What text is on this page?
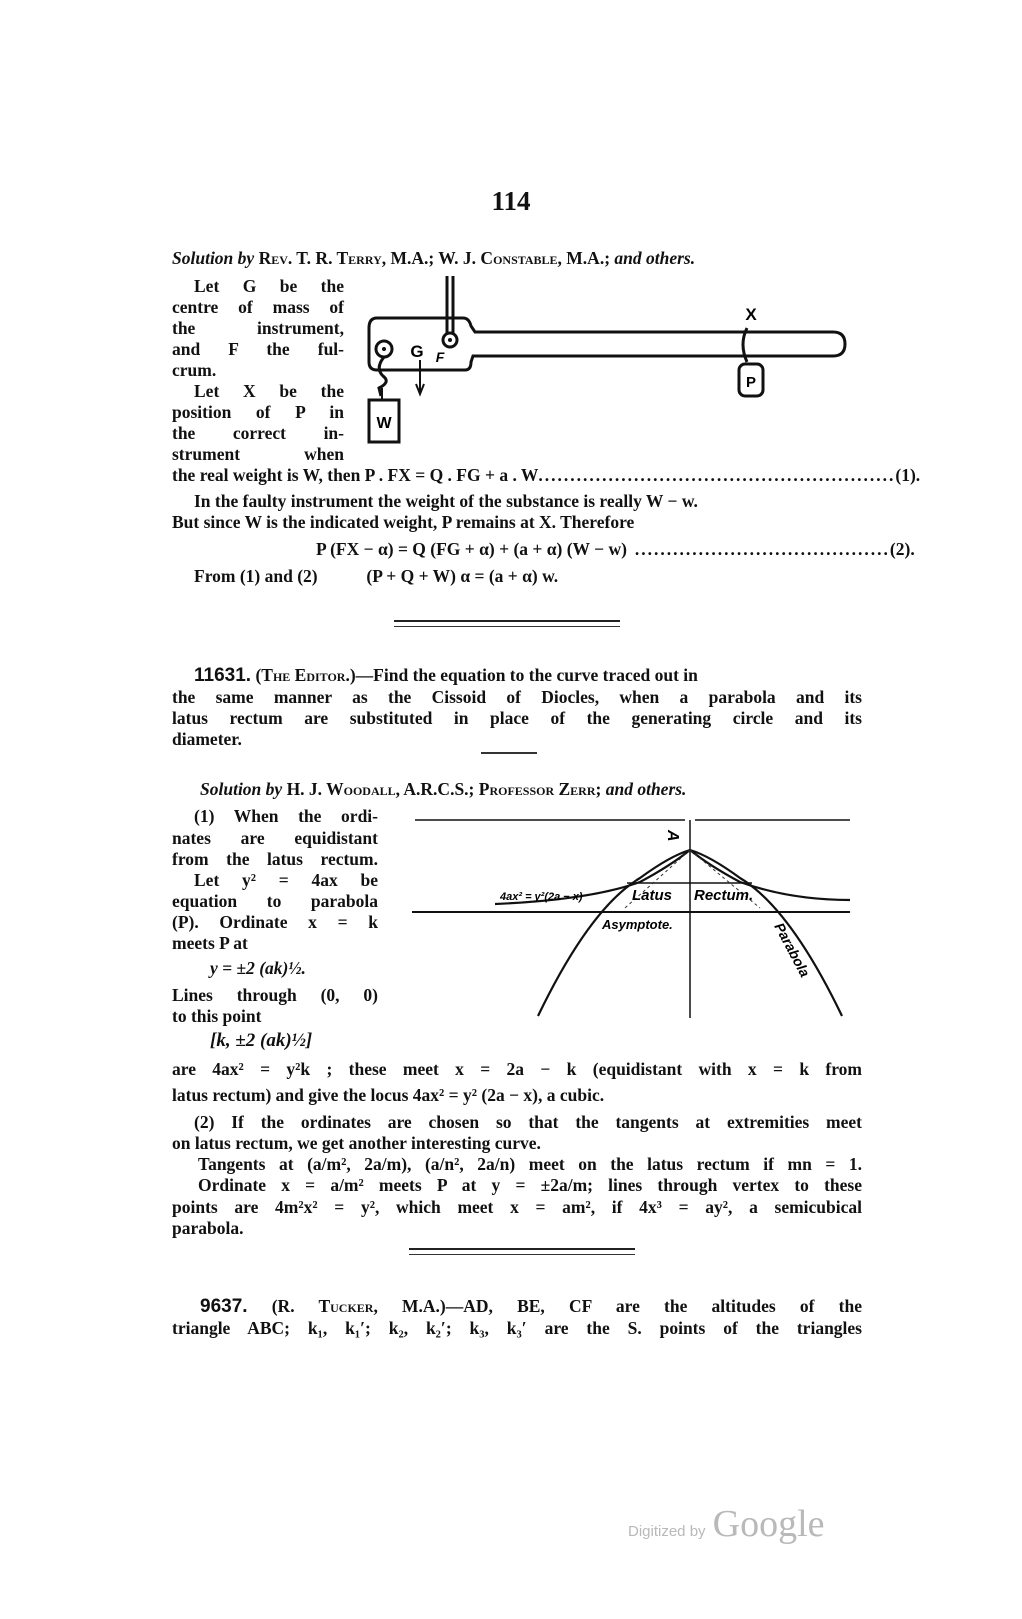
114
Solution by Rev. T. R. Terry, M.A.; W. J. Constable, M.A.; and others.
Let G be the
centre of mass of
the instrument,
and F the ful-
crum.
Let X be the
position of P in
the correct in-
strument when
W
G F
X
P
the real weight is W, then P . FX = Q . FG + a . W ........................................................ (1).
In the faulty instrument the weight of the substance is really W − w.
But since W is the indicated weight, P remains at X. Therefore
P (FX − α) = Q (FG + α) + (a + α) (W − w) ........................................ (2).
From (1) and (2)	(P + Q + W) α = (a + α) w.
11631. (The Editor.)—Find the equation to the curve traced out in
the same manner as the Cissoid of Diocles, when a parabola and its
latus rectum are substituted in place of the generating circle and its
diameter.
Solution by H. J. Woodall, A.R.C.S.; Professor Zerr; and others.
(1) When the ordi-
nates are equidistant
from the latus rectum.
Let y² = 4ax be
equation to parabola
(P). Ordinate x = k
meets P at
y = ±2 (ak)½.
Lines through (0, 0)
to this point
[k, ±2 (ak)½]
A
4ax² = y²(2a − x)	Latus Rectum.
Asymptote.	Parabola
are 4ax² = y²k ; these meet x = 2a − k (equidistant with x = k from
latus rectum) and give the locus 4ax² = y² (2a − x), a cubic.
(2) If the ordinates are chosen so that the tangents at extremities meet
on latus rectum, we get another interesting curve.
Tangents at (a/m², 2a/m), (a/n², 2a/n) meet on the latus rectum if mn = 1.
Ordinate x = a/m² meets P at y = ±2a/m; lines through vertex to these
points are 4m²x² = y², which meet x = am², if 4x³ = ay², a semicubical
parabola.
9637. (R. Tucker, M.A.)—AD, BE, CF are the altitudes of the
triangle ABC; k₁, k₁′; k₂, k₂′; k₃, k₃′ are the S. points of the triangles
Digitized by Google
